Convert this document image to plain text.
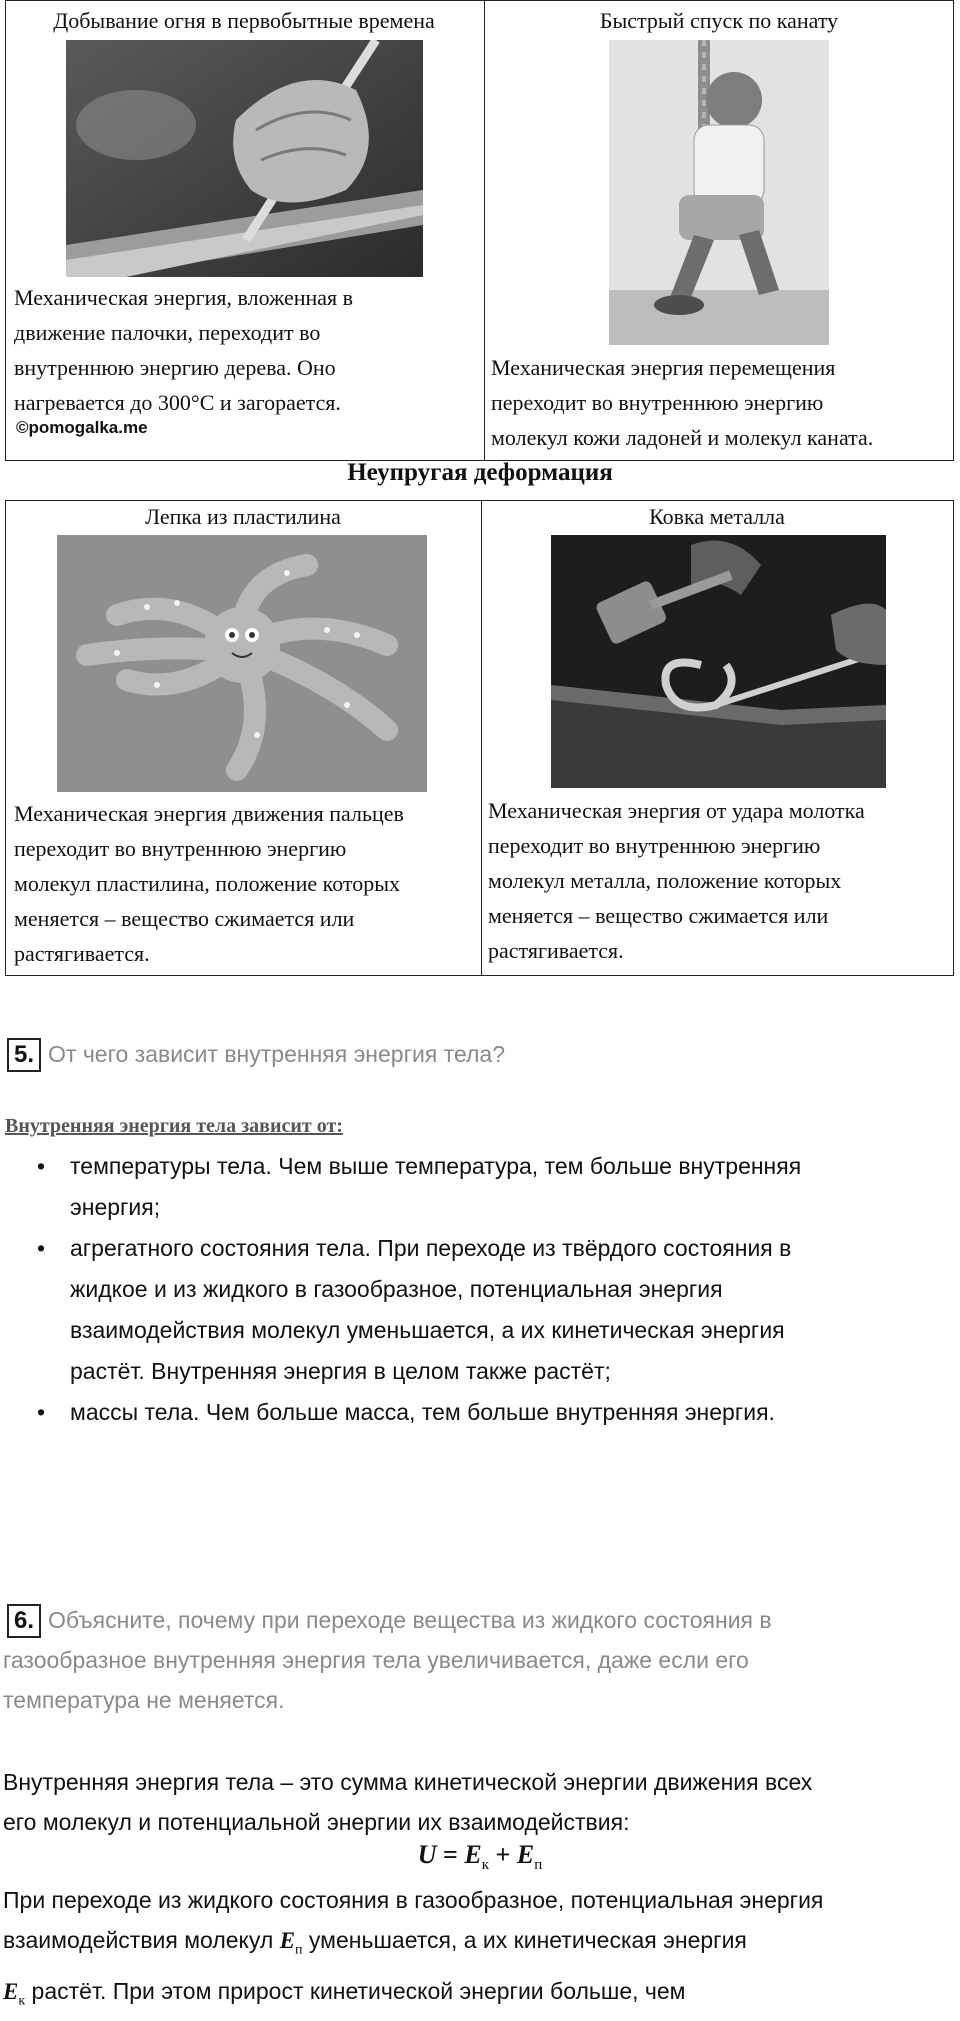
Добывание огня в первобытные времена
Механическая энергия, вложенная в
движение палочки, переходит во
внутреннюю энергию дерева. Оно
нагревается до 300°С и загорается.
©pomogalka.me
Быстрый спуск по канату
Механическая энергия перемещения
переходит во внутреннюю энергию
молекул кожи ладоней и молекул каната.
Неупругая деформация
Лепка из пластилина
Механическая энергия движения пальцев
переходит во внутреннюю энергию
молекул пластилина, положение которых
меняется – вещество сжимается или
растягивается.
Ковка металла
Механическая энергия от удара молотка
переходит во внутреннюю энергию
молекул металла, положение которых
меняется – вещество сжимается или
растягивается.
5. От чего зависит внутренняя энергия тела?
Внутренняя энергия тела зависит от:
• температуры тела. Чем выше температура, тем больше внутренняя
энергия;
• агрегатного состояния тела. При переходе из твёрдого состояния в
жидкое и из жидкого в газообразное, потенциальная энергия
взаимодействия молекул уменьшается, а их кинетическая энергия
растёт. Внутренняя энергия в целом также растёт;
• массы тела. Чем больше масса, тем больше внутренняя энергия.
6. Объясните, почему при переходе вещества из жидкого состояния в
газообразное внутренняя энергия тела увеличивается, даже если его
температура не меняется.
Внутренняя энергия тела – это сумма кинетической энергии движения всех
его молекул и потенциальной энергии их взаимодействия:
$U = E_к + E_п$
При переходе из жидкого состояния в газообразное, потенциальная энергия
взаимодействия молекул $E_п$ уменьшается, а их кинетическая энергия
$E_к$ растёт. При этом прирост кинетической энергии больше, чем
